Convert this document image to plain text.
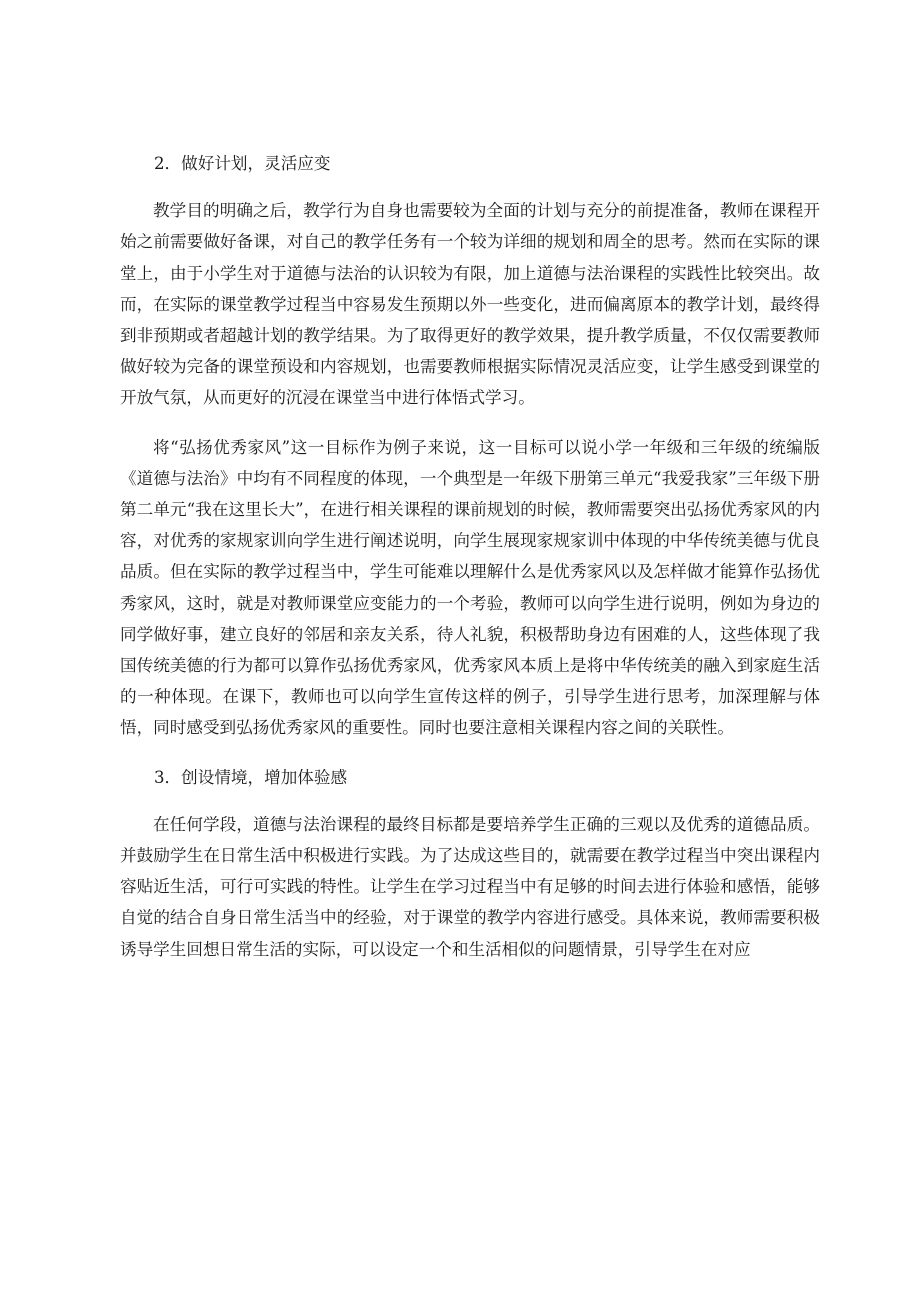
2．做好计划，灵活应变

教学目的明确之后，教学行为自身也需要较为全面的计划与充分的前提准备，教师在课程开始之前需要做好备课，对自己的教学任务有一个较为详细的规划和周全的思考。然而在实际的课堂上，由于小学生对于道德与法治的认识较为有限，加上道德与法治课程的实践性比较突出。故而，在实际的课堂教学过程当中容易发生预期以外一些变化，进而偏离原本的教学计划，最终得到非预期或者超越计划的教学结果。为了取得更好的教学效果，提升教学质量，不仅仅需要教师做好较为完备的课堂预设和内容规划，也需要教师根据实际情况灵活应变，让学生感受到课堂的开放气氛，从而更好的沉浸在课堂当中进行体悟式学习。

将“弘扬优秀家风”这一目标作为例子来说，这一目标可以说小学一年级和三年级的统编版《道德与法治》中均有不同程度的体现，一个典型是一年级下册第三单元“我爱我家”三年级下册第二单元“我在这里长大”，在进行相关课程的课前规划的时候，教师需要突出弘扬优秀家风的内容，对优秀的家规家训向学生进行阐述说明，向学生展现家规家训中体现的中华传统美德与优良品质。但在实际的教学过程当中，学生可能难以理解什么是优秀家风以及怎样做才能算作弘扬优秀家风，这时，就是对教师课堂应变能力的一个考验，教师可以向学生进行说明，例如为身边的同学做好事，建立良好的邻居和亲友关系，待人礼貌，积极帮助身边有困难的人，这些体现了我国传统美德的行为都可以算作弘扬优秀家风，优秀家风本质上是将中华传统美的融入到家庭生活的一种体现。在课下，教师也可以向学生宣传这样的例子，引导学生进行思考，加深理解与体悟，同时感受到弘扬优秀家风的重要性。同时也要注意相关课程内容之间的关联性。

3．创设情境，增加体验感

在任何学段，道德与法治课程的最终目标都是要培养学生正确的三观以及优秀的道德品质。并鼓励学生在日常生活中积极进行实践。为了达成这些目的，就需要在教学过程当中突出课程内容贴近生活，可行可实践的特性。让学生在学习过程当中有足够的时间去进行体验和感悟，能够自觉的结合自身日常生活当中的经验，对于课堂的教学内容进行感受。具体来说，教师需要积极诱导学生回想日常生活的实际，可以设定一个和生活相似的问题情景，引导学生在对应
